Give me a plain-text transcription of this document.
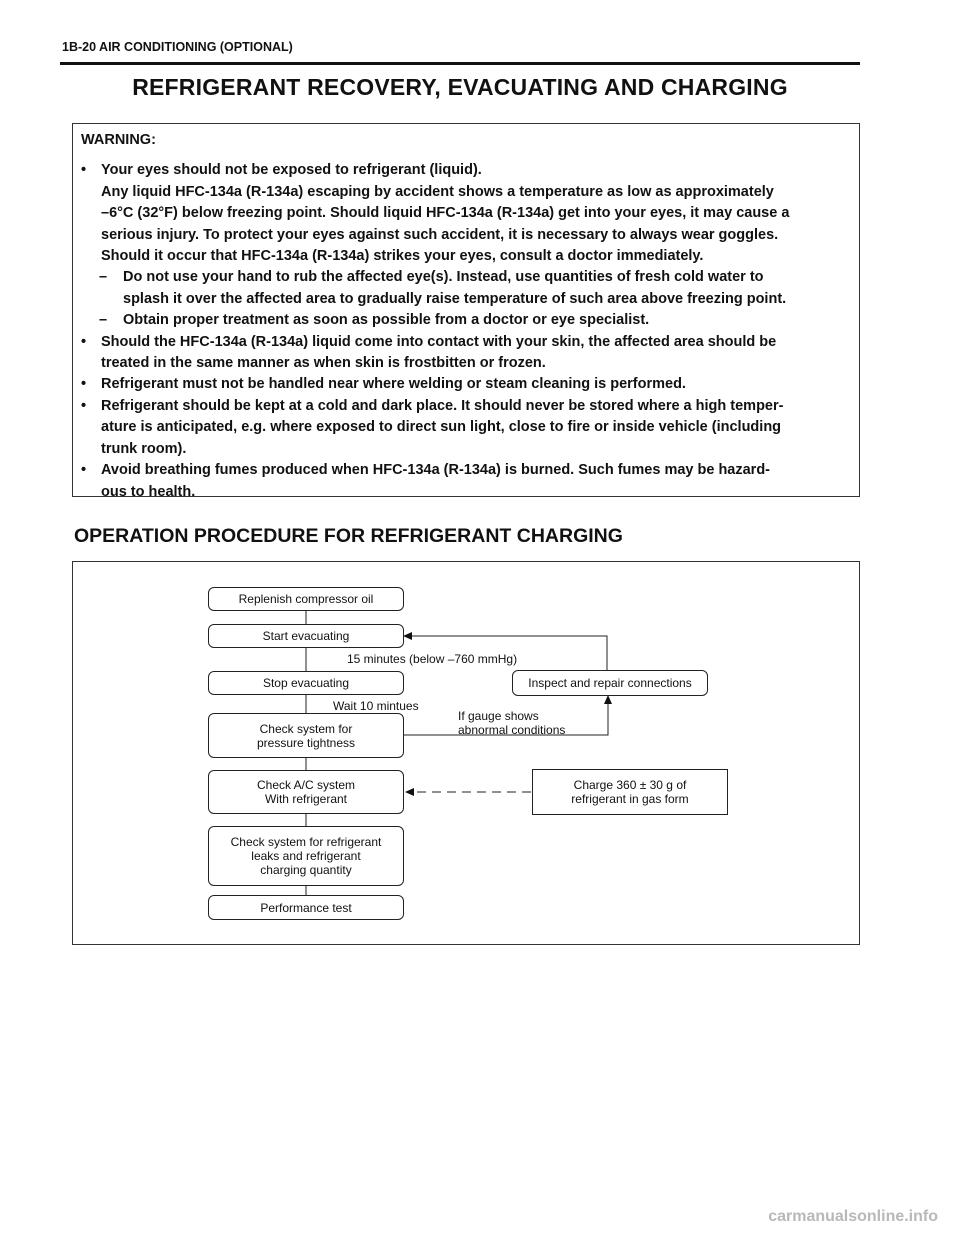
1B-20 AIR CONDITIONING (OPTIONAL)
REFRIGERANT RECOVERY, EVACUATING AND CHARGING
WARNING:
• Your eyes should not be exposed to refrigerant (liquid).
Any liquid HFC-134a (R-134a) escaping by accident shows a temperature as low as approximately
–6°C (32°F) below freezing point. Should liquid HFC-134a (R-134a) get into your eyes, it may cause a
serious injury. To protect your eyes against such accident, it is necessary to always wear goggles.
Should it occur that HFC-134a (R-134a) strikes your eyes, consult a doctor immediately.
– Do not use your hand to rub the affected eye(s). Instead, use quantities of fresh cold water to
splash it over the affected area to gradually raise temperature of such area above freezing point.
– Obtain proper treatment as soon as possible from a doctor or eye specialist.
• Should the HFC-134a (R-134a) liquid come into contact with your skin, the affected area should be
treated in the same manner as when skin is frostbitten or frozen.
• Refrigerant must not be handled near where welding or steam cleaning is performed.
• Refrigerant should be kept at a cold and dark place. It should never be stored where a high temper-
ature is anticipated, e.g. where exposed to direct sun light, close to fire or inside vehicle (including
trunk room).
• Avoid breathing fumes produced when HFC-134a (R-134a) is burned. Such fumes may be hazard-
ous to health.
OPERATION PROCEDURE FOR REFRIGERANT CHARGING
Replenish compressor oil
Start evacuating
Stop evacuating
Check system for
pressure tightness
Check A/C system
With refrigerant
Check system for refrigerant
leaks and refrigerant
charging quantity
Performance test
Inspect and repair connections
Charge 360 ± 30 g of
refrigerant in gas form
15 minutes (below –760 mmHg)
Wait 10 mintues
If gauge shows
abnormal conditions
carmanualsonline.info
